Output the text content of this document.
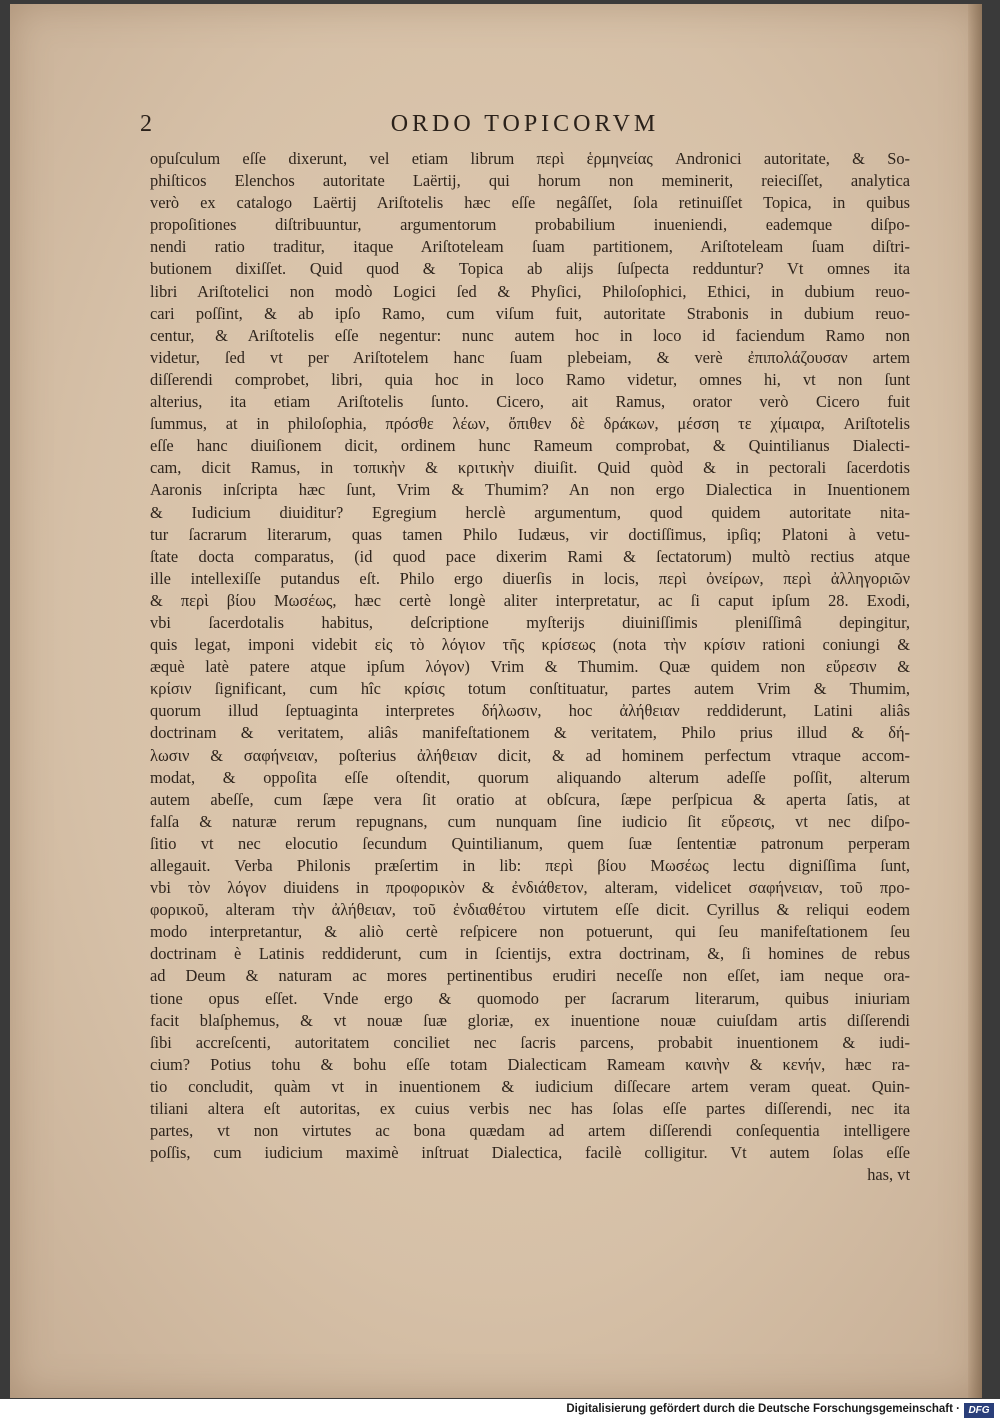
2	ORDO TOPICORVM
opuſculum eſſe dixerunt, vel etiam librum περὶ ἑρμηνείας Andronici autoritate, & So-
phiſticos Elenchos autoritate Laërtij, qui horum non meminerit, reieciſſet, analytica
verò ex catalogo Laërtij Ariſtotelis hæc eſſe negâſſet, ſola retinuiſſet Topica, in quibus
propoſitiones diſtribuuntur, argumentorum probabilium inueniendi, eademque diſpo-
nendi ratio traditur, itaque Ariſtoteleam ſuam partitionem, Ariſtoteleam ſuam diſtri-
butionem dixiſſet. Quid quod & Topica ab alijs ſuſpecta redduntur? Vt omnes ita
libri Ariſtotelici non modò Logici ſed & Phyſici, Philoſophici, Ethici, in dubium reuo-
cari poſſint, & ab ipſo Ramo, cum viſum fuit, autoritate Strabonis in dubium reuo-
centur, & Ariſtotelis eſſe negentur: nunc autem hoc in loco id faciendum Ramo non
videtur, ſed vt per Ariſtotelem hanc ſuam plebeiam, & verè ἐπιπολάζουσαν artem
diſſerendi comprobet, libri, quia hoc in loco Ramo videtur, omnes hi, vt non ſunt
alterius, ita etiam Ariſtotelis ſunto. Cicero, ait Ramus, orator verò Cicero fuit
ſummus, at in philoſophia, πρόσθε λέων, ὄπιθεν δὲ δράκων, μέσση τε χίμαιρα, Ariſtotelis
eſſe hanc diuiſionem dicit, ordinem hunc Rameum comprobat, & Quintilianus Dialecti-
cam, dicit Ramus, in τοπικὴν & κριτικὴν diuiſit. Quid quòd & in pectorali ſacerdotis
Aaronis inſcripta hæc ſunt, Vrim & Thumim? An non ergo Dialectica in Inuentionem
& Iudicium diuiditur? Egregium herclè argumentum, quod quidem autoritate nita-
tur ſacrarum literarum, quas tamen Philo Iudæus, vir doctiſſimus, ipſiq; Platoni à vetu-
ſtate docta comparatus, (id quod pace dixerim Rami & ſectatorum) multò rectius atque
ille intellexiſſe putandus eſt. Philo ergo diuerſis in locis, περὶ ὀνείρων, περὶ ἀλληγοριῶν
& περὶ βίου Μωσέως, hæc certè longè aliter interpretatur, ac ſi caput ipſum 28. Exodi,
vbi ſacerdotalis habitus, deſcriptione myſterijs diuiniſſimis pleniſſimâ depingitur,
quis legat, imponi videbit εἰς τὸ λόγιον τῆς κρίσεως (nota τὴν κρίσιν rationi coniungi &
æquè latè patere atque ipſum λόγον) Vrim & Thumim. Quæ quidem non εὕρεσιν &
κρίσιν ſignificant, cum hîc κρίσις totum conſtituatur, partes autem Vrim & Thumim,
quorum illud ſeptuaginta interpretes δήλωσιν, hoc ἀλήθειαν reddiderunt, Latini aliâs
doctrinam & veritatem, aliâs manifeſtationem & veritatem, Philo prius illud & δή-
λωσιν & σαφήνειαν, poſterius ἀλήθειαν dicit, & ad hominem perfectum vtraque accom-
modat, & oppoſita eſſe oſtendit, quorum aliquando alterum adeſſe poſſit, alterum
autem abeſſe, cum ſæpe vera ſit oratio at obſcura, ſæpe perſpicua & aperta ſatis, at
falſa & naturæ rerum repugnans, cum nunquam ſine iudicio ſit εὕρεσις, vt nec diſpo-
ſitio vt nec elocutio ſecundum Quintilianum, quem ſuæ ſententiæ patronum perperam
allegauit. Verba Philonis præſertim in lib: περὶ βίου Μωσέως lectu digniſſima ſunt,
vbi τὸν λόγον diuidens in προφορικὸν & ἐνδιάθετον, alteram, videlicet σαφήνειαν, τοῦ προ-
φορικοῦ, alteram τὴν ἀλήθειαν, τοῦ ἐνδιαθέτου virtutem eſſe dicit. Cyrillus & reliqui eodem
modo interpretantur, & aliò certè reſpicere non potuerunt, qui ſeu manifeſtationem ſeu
doctrinam è Latinis reddiderunt, cum in ſcientijs, extra doctrinam, &, ſi homines de rebus
ad Deum & naturam ac mores pertinentibus erudiri neceſſe non eſſet, iam neque ora-
tione opus eſſet. Vnde ergo & quomodo per ſacrarum literarum, quibus iniuriam
facit blaſphemus, & vt nouæ ſuæ gloriæ, ex inuentione nouæ cuiuſdam artis diſſerendi
ſibi accreſcenti, autoritatem conciliet nec ſacris parcens, probabit inuentionem & iudi-
cium? Potius tohu & bohu eſſe totam Dialecticam Rameam καινὴν & κενήν, hæc ra-
tio concludit, quàm vt in inuentionem & iudicium diſſecare artem veram queat. Quin-
tiliani altera eſt autoritas, ex cuius verbis nec has ſolas eſſe partes diſſerendi, nec ita
partes, vt non virtutes ac bona quædam ad artem diſſerendi conſequentia intelligere
poſſis, cum iudicium maximè inſtruat Dialectica, facilè colligitur. Vt autem ſolas eſſe
has, vt
Digitalisierung gefördert durch die Deutsche Forschungsgemeinschaft · DFG
